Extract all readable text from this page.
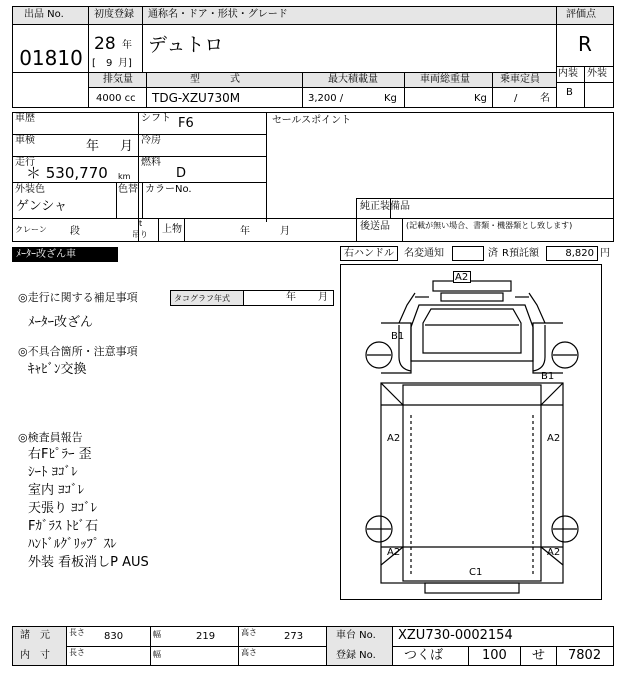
出品 No.
01810
初度登録
28 年
[ 9 月]
通称名・ドア・形状・グレード
デュトロ
評価点
R
内装 外装
B
排気量	型　　　式	最大積載量	車両総重量	乗車定員
4000 cc TDG-XZU730M	3,200 /	Kg	Kg	/ 名
車歴	シフト F6	セールスポイント
車検	年 月 冷房
走行
＊ 530,770 km
燃料
D
外装色
ゲンシャ
色替 カラーNo.
純正装備品
後送品 (記載が無い場合、書類・機器類とし致します)
クレーン 段
t
吊り 上物	年	月
ﾒｰﾀｰ改ざん車	右ハンドル	名変通知	済 R預託額	8,820 円
◎走行に関する補足事項	タコグラフ年式	年 月
ﾒｰﾀｰ改ざん
◎不具合箇所・注意事項
ｷｬﾋﾞﾝ交換
◎検査員報告
右Fﾋﾟﾗｰ 歪
ｼｰﾄ ﾖｺﾞﾚ
室内 ﾖｺﾞﾚ
天張り ﾖｺﾞﾚ
Fｶﾞﾗｽ ﾄﾋﾞ石
ﾊﾝﾄﾞﾙｸﾞﾘｯﾌﾟ ｽﾚ
外装 看板消しP AUS
A2
B1
B1
A2	A2
A2	A2
C1
諸　元
内　寸
長さ 830	幅	219	高さ	273
長さ	幅	高さ
車台 No. XZU730-0002154
登録 No. つくば	100 せ 7802
